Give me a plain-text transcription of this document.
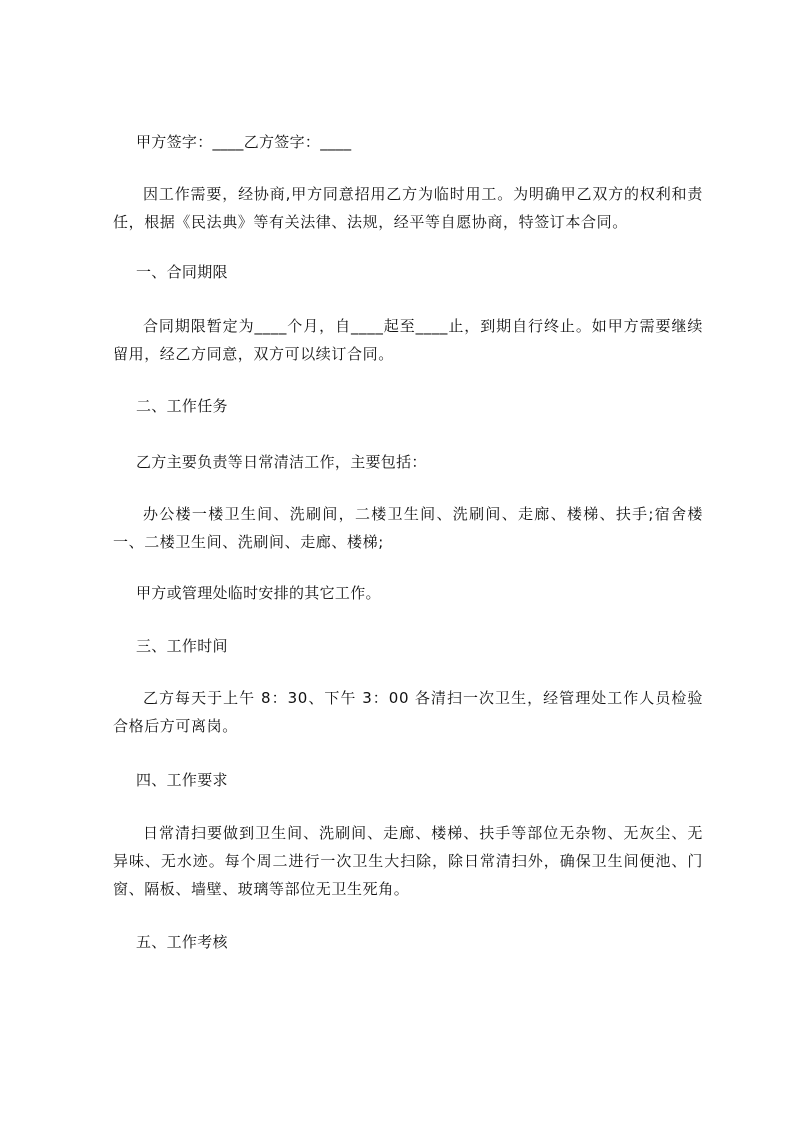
甲方签字：____乙方签字：____
因工作需要，经协商,甲方同意招用乙方为临时用工。为明确甲乙双方的权利和责任，根据《民法典》等有关法律、法规，经平等自愿协商，特签订本合同。
一、合同期限
合同期限暂定为____个月，自____起至____止，到期自行终止。如甲方需要继续留用，经乙方同意，双方可以续订合同。
二、工作任务
乙方主要负责等日常清洁工作，主要包括：
办公楼一楼卫生间、洗刷间，二楼卫生间、洗刷间、走廊、楼梯、扶手;宿舍楼一、二楼卫生间、洗刷间、走廊、楼梯;
甲方或管理处临时安排的其它工作。
三、工作时间
乙方每天于上午 8：30、下午 3：00 各清扫一次卫生，经管理处工作人员检验合格后方可离岗。
四、工作要求
日常清扫要做到卫生间、洗刷间、走廊、楼梯、扶手等部位无杂物、无灰尘、无异味、无水迹。每个周二进行一次卫生大扫除，除日常清扫外，确保卫生间便池、门窗、隔板、墙壁、玻璃等部位无卫生死角。
五、工作考核
